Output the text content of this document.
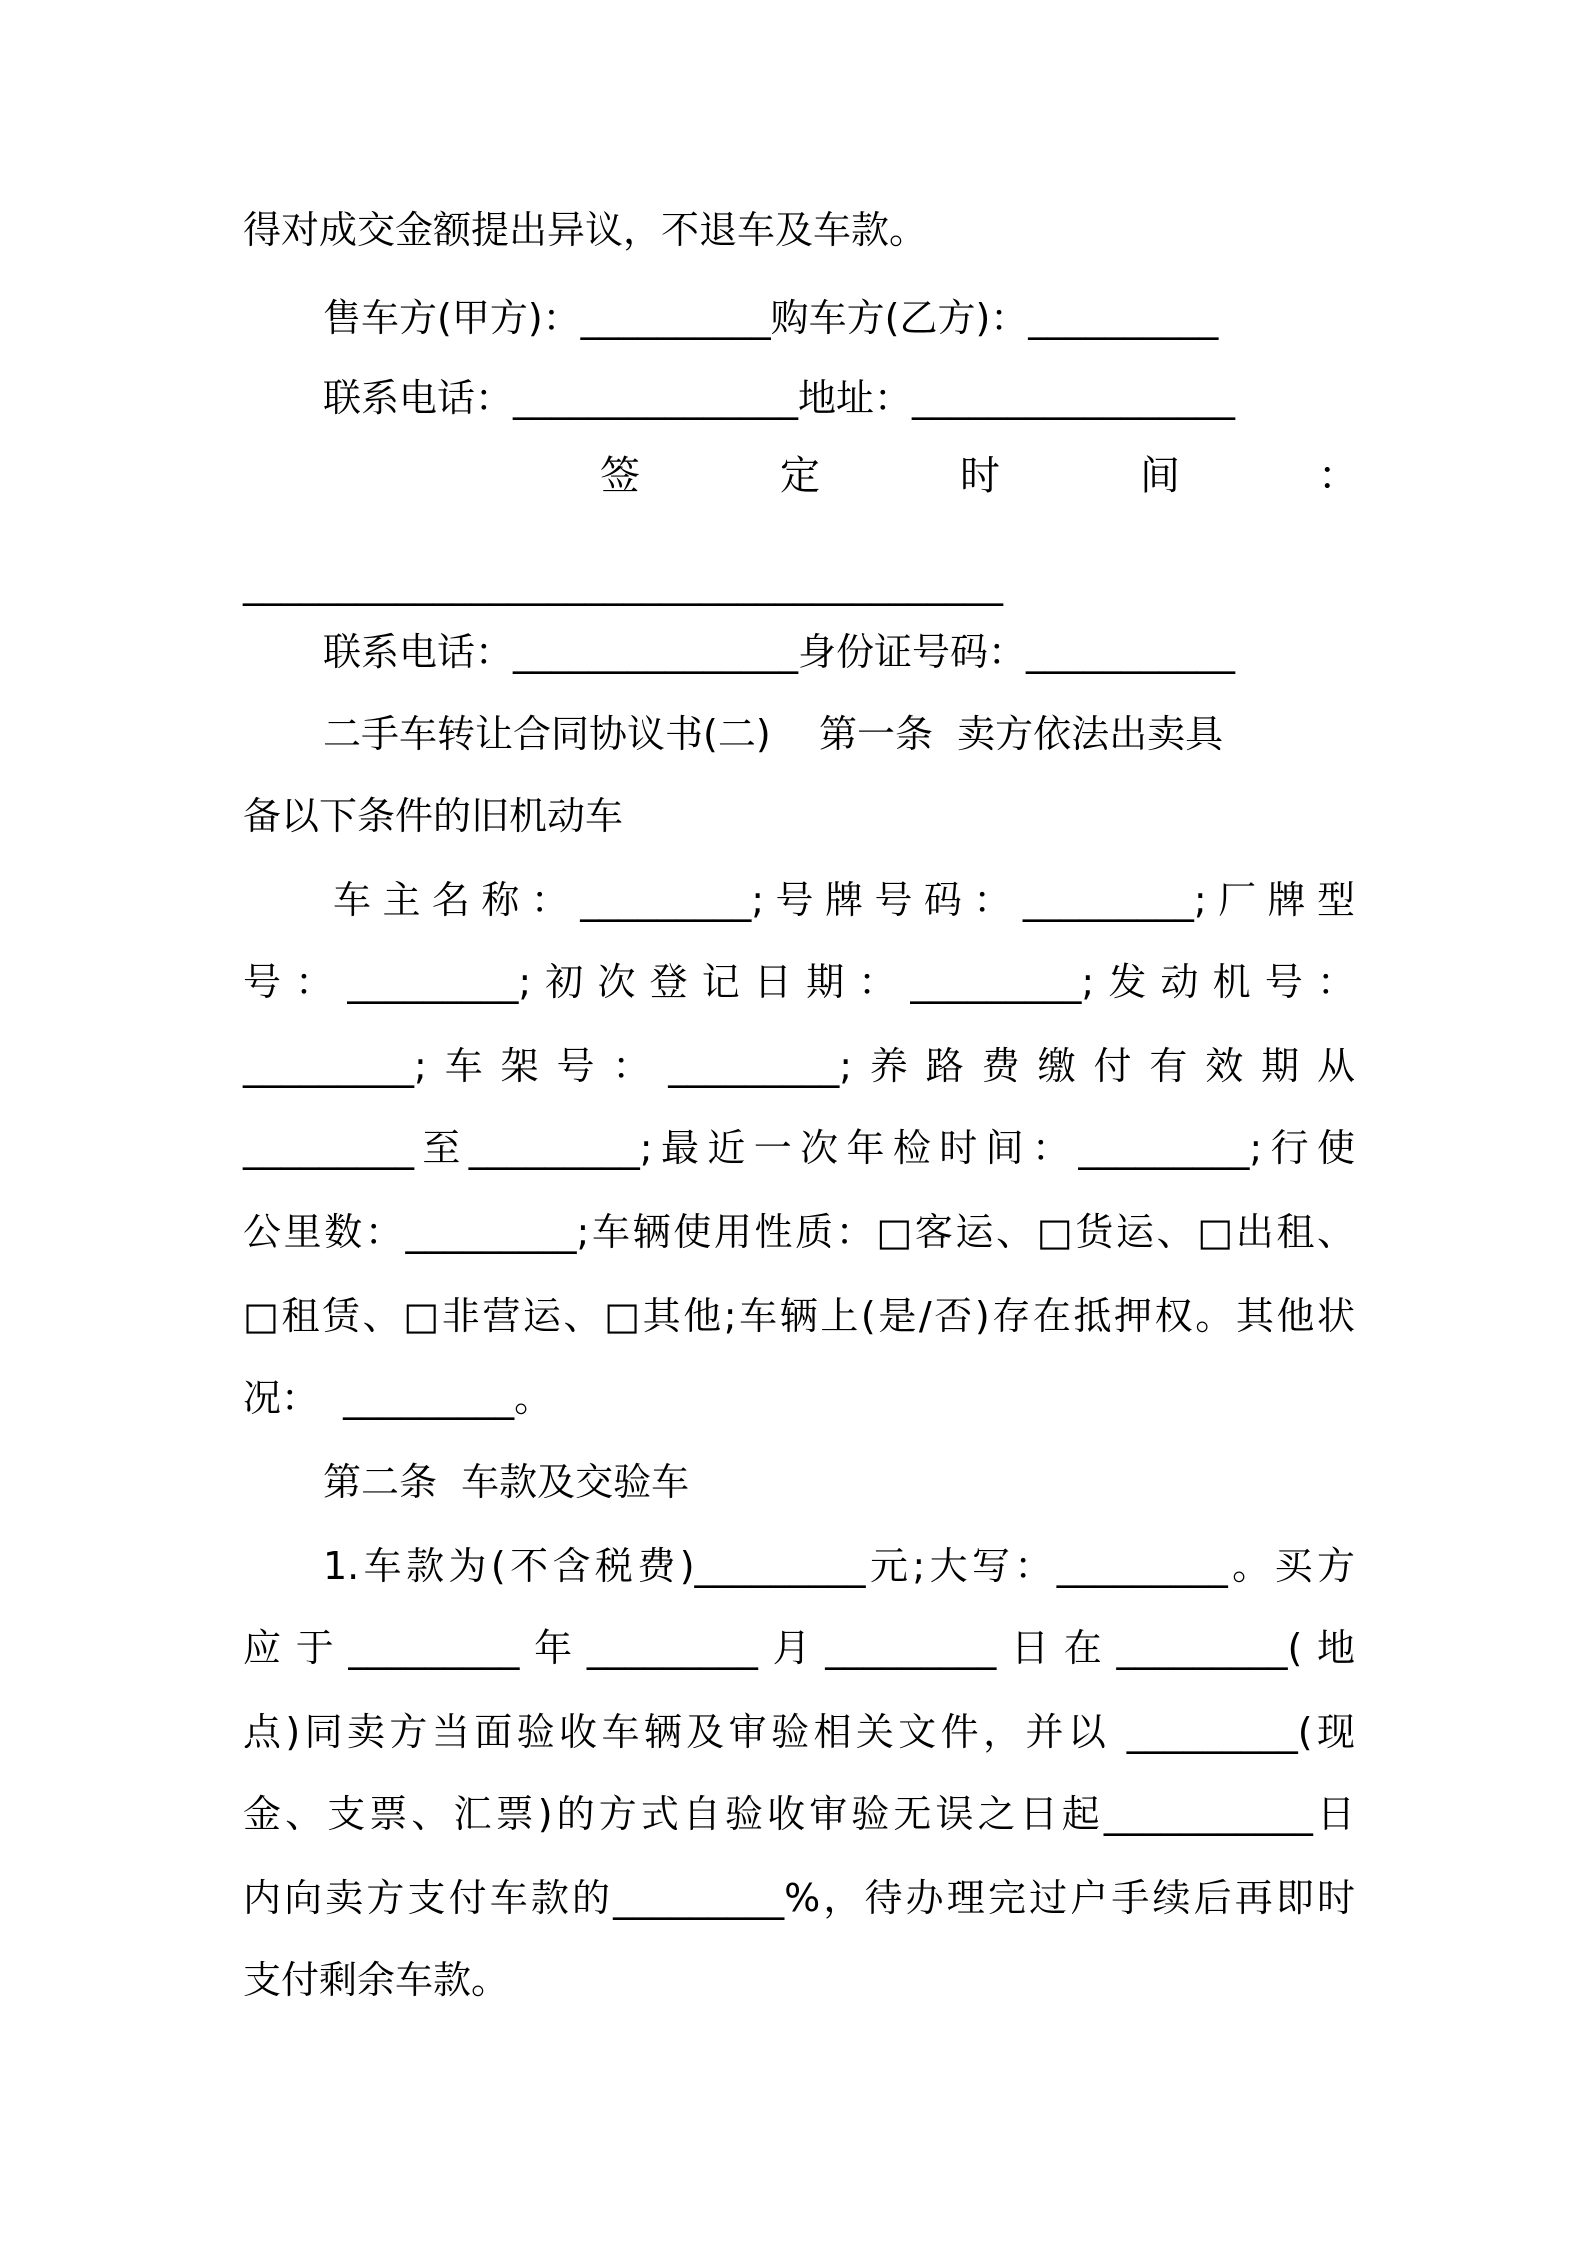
得对成交金额提出异议，不退车及车款。

售车方(甲方)：__________购车方(乙方)：__________

联系电话：_______________地址：_________________

签	定	时	间	：

________________________________________

联系电话：_______________身份证号码：___________

二手车转让合同协议书(二)    第一条  卖方依法出卖具

备以下条件的旧机动车

车主名称：_________;号牌号码：_________;厂牌型

号：_________;初次登记日期：_________;发动机号：

_________;车架号：_________;养路费缴付有效期从

_________至_________;最近一次年检时间：_________;行使

公里数：_________;车辆使用性质：□客运、□货运、□出租、

□租赁、□非营运、□其他;车辆上(是/否)存在抵押权。其他状

况：  _________。

第二条  车款及交验车

1.车款为(不含税费)_________元;大写：_________。买方

应于_________年_________月_________日在_________(地

点)同卖方当面验收车辆及审验相关文件，并以 _________(现

金、支票、汇票)的方式自验收审验无误之日起___________日

内向卖方支付车款的_________%，待办理完过户手续后再即时

支付剩余车款。
